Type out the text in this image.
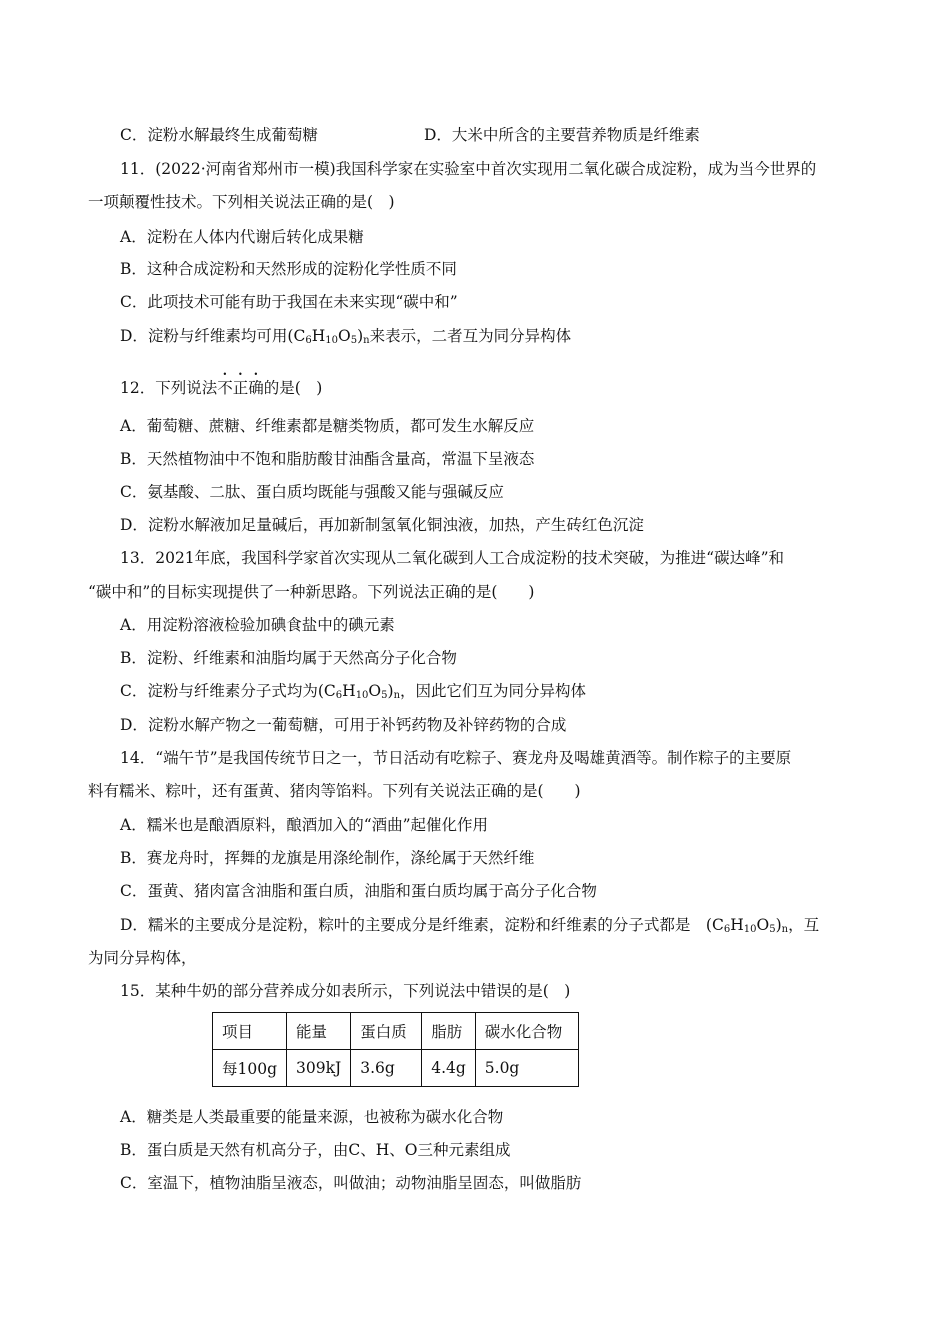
C．淀粉水解最终生成葡萄糖	D．大米中所含的主要营养物质是纤维素
11．(2022·河南省郑州市一模)我国科学家在实验室中首次实现用二氧化碳合成淀粉，成为当今世界的
一项颠覆性技术。下列相关说法正确的是(　)
A．淀粉在人体内代谢后转化成果糖
B．这种合成淀粉和天然形成的淀粉化学性质不同
C．此项技术可能有助于我国在未来实现“碳中和”
D．淀粉与纤维素均可用$(C_6H_{10}O_5)_n$来表示，二者互为同分异构体
12．下列说法不正确的是(　)
A．葡萄糖、蔗糖、纤维素都是糖类物质，都可发生水解反应
B．天然植物油中不饱和脂肪酸甘油酯含量高，常温下呈液态
C．氨基酸、二肽、蛋白质均既能与强酸又能与强碱反应
D．淀粉水解液加足量碱后，再加新制氢氧化铜浊液，加热，产生砖红色沉淀
13．2021年底，我国科学家首次实现从二氧化碳到人工合成淀粉的技术突破，为推进“碳达峰”和
“碳中和”的目标实现提供了一种新思路。下列说法正确的是(　　)
A．用淀粉溶液检验加碘食盐中的碘元素
B．淀粉、纤维素和油脂均属于天然高分子化合物
C．淀粉与纤维素分子式均为$(C_6H_{10}O_5)_n$，因此它们互为同分异构体
D．淀粉水解产物之一葡萄糖，可用于补钙药物及补锌药物的合成
14．“端午节”是我国传统节日之一，节日活动有吃粽子、赛龙舟及喝雄黄酒等。制作粽子的主要原
料有糯米、粽叶，还有蛋黄、猪肉等馅料。下列有关说法正确的是(　　)
A．糯米也是酿酒原料，酿酒加入的“酒曲”起催化作用
B．赛龙舟时，挥舞的龙旗是用涤纶制作，涤纶属于天然纤维
C．蛋黄、猪肉富含油脂和蛋白质，油脂和蛋白质均属于高分子化合物
D．糯米的主要成分是淀粉，粽叶的主要成分是纤维素，淀粉和纤维素的分子式都是　$(C_6H_{10}O_5)_n$，互
为同分异构体，
15．某种牛奶的部分营养成分如表所示，下列说法中错误的是(　)
项目	能量	蛋白质	脂肪	碳水化合物
每100g	309kJ	3.6g	4.4g	5.0g
A．糖类是人类最重要的能量来源，也被称为碳水化合物
B．蛋白质是天然有机高分子，由C、H、O三种元素组成
C．室温下，植物油脂呈液态，叫做油；动物油脂呈固态，叫做脂肪
